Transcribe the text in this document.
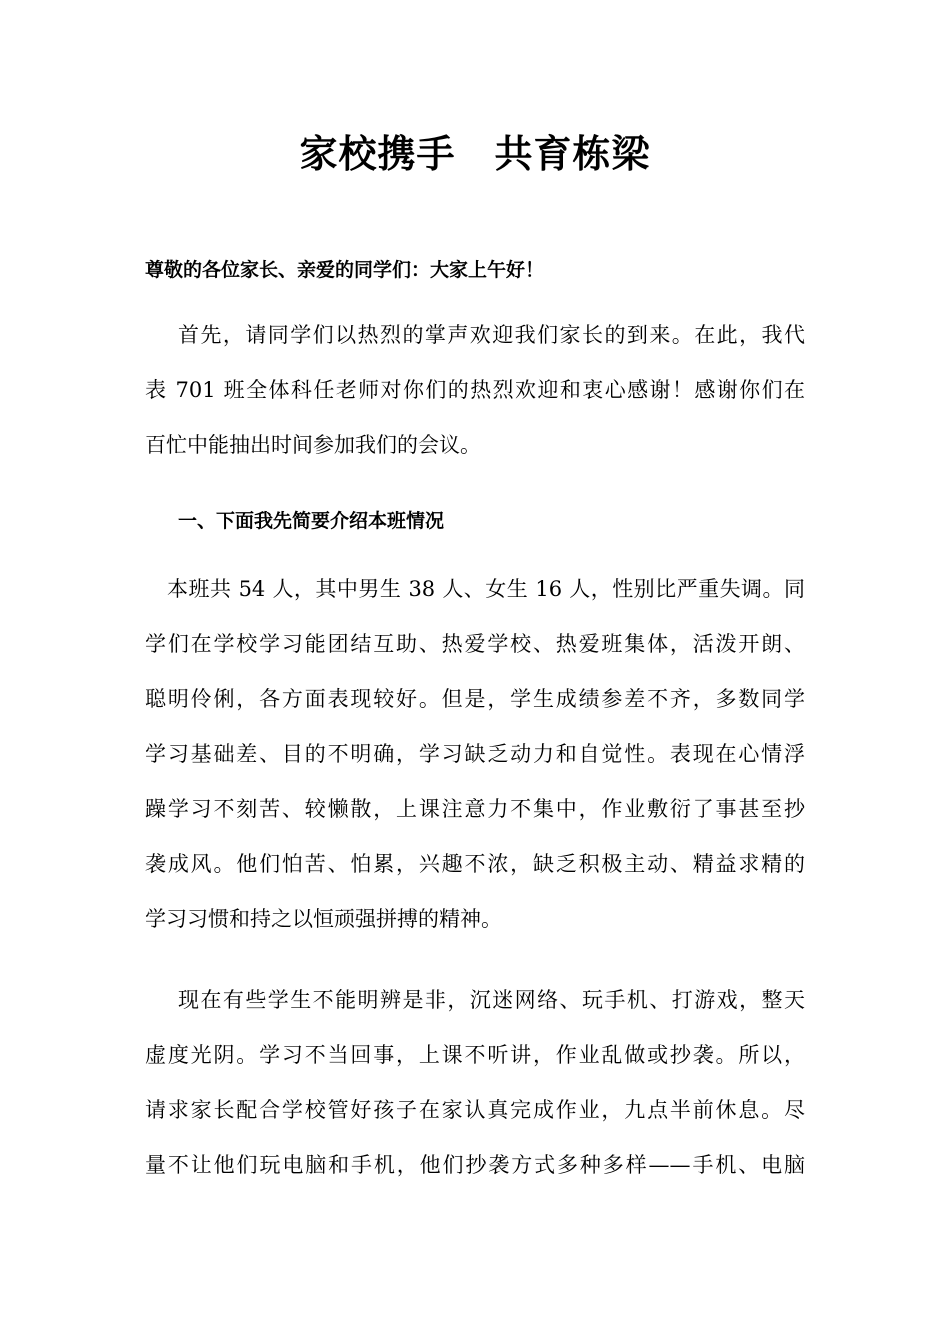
家校携手　共育栋梁
尊敬的各位家长、亲爱的同学们：大家上午好！
首先，请同学们以热烈的掌声欢迎我们家长的到来。在此，我代
表 701 班全体科任老师对你们的热烈欢迎和衷心感谢！感谢你们在
百忙中能抽出时间参加我们的会议。
一、下面我先简要介绍本班情况
本班共 54 人，其中男生 38 人、女生 16 人，性别比严重失调。同
学们在学校学习能团结互助、热爱学校、热爱班集体，活泼开朗、
聪明伶俐，各方面表现较好。但是，学生成绩参差不齐，多数同学
学习基础差、目的不明确，学习缺乏动力和自觉性。表现在心情浮
躁学习不刻苦、较懒散，上课注意力不集中，作业敷衍了事甚至抄
袭成风。他们怕苦、怕累，兴趣不浓，缺乏积极主动、精益求精的
学习习惯和持之以恒顽强拼搏的精神。
现在有些学生不能明辨是非，沉迷网络、玩手机、打游戏，整天
虚度光阴。学习不当回事，上课不听讲，作业乱做或抄袭。所以，
请求家长配合学校管好孩子在家认真完成作业，九点半前休息。尽
量不让他们玩电脑和手机，他们抄袭方式多种多样——手机、电脑
